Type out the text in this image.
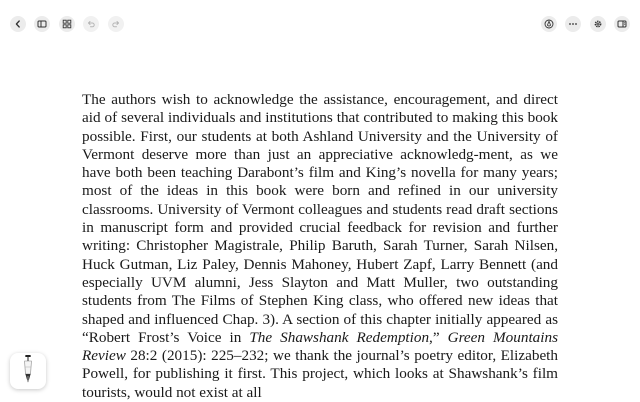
The authors wish to acknowledge the assistance, encouragement, and direct aid of several individuals and institutions that contributed to making this book possible. First, our students at both Ashland University and the University of Vermont deserve more than just an appreciative acknowledg-ment, as we have both been teaching Darabont’s film and King’s novella for many years; most of the ideas in this book were born and refined in our university classrooms. University of Vermont colleagues and students read draft sections in manuscript form and provided crucial feedback for revision and further writing: Christopher Magistrale, Philip Baruth, Sarah Turner, Sarah Nilsen, Huck Gutman, Liz Paley, Dennis Mahoney, Hubert Zapf, Larry Bennett (and especially UVM alumni, Jess Slayton and Matt Muller, two outstanding students from The Films of Stephen King class, who offered new ideas that shaped and influenced Chap. 3). A section of this chapter initially appeared as “Robert Frost’s Voice in The Shawshank Redemption,” Green Mountains Review 28:2 (2015): 225–232; we thank the journal’s poetry editor, Elizabeth Powell, for publishing it first. This project, which looks at Shawshank’s film tourists, would not exist at all
